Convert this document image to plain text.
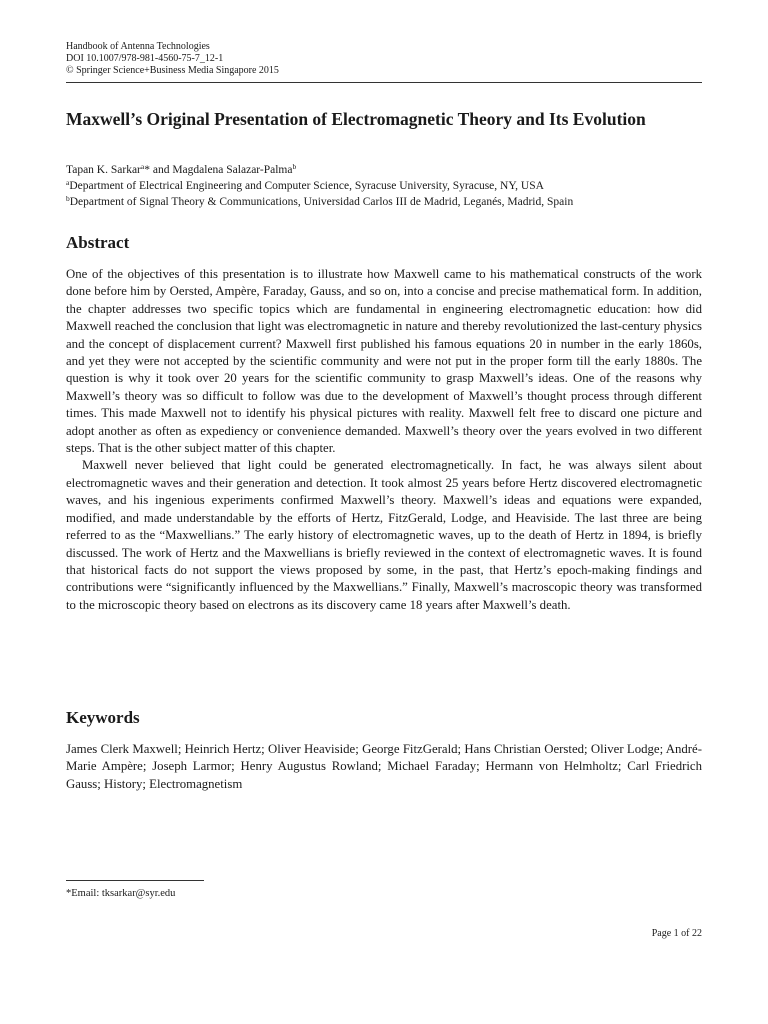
Handbook of Antenna Technologies
DOI 10.1007/978-981-4560-75-7_12-1
© Springer Science+Business Media Singapore 2015
Maxwell’s Original Presentation of Electromagnetic Theory and Its Evolution
Tapan K. Sarkar$^a$* and Magdalena Salazar-Palma$^b$
$^a$Department of Electrical Engineering and Computer Science, Syracuse University, Syracuse, NY, USA
$^b$Department of Signal Theory & Communications, Universidad Carlos III de Madrid, Leganés, Madrid, Spain
Abstract

One of the objectives of this presentation is to illustrate how Maxwell came to his mathematical constructs of the work done before him by Oersted, Ampère, Faraday, Gauss, and so on, into a concise and precise mathematical form. In addition, the chapter addresses two specific topics which are fundamental in engineering electromagnetic education: how did Maxwell reached the conclusion that light was electromagnetic in nature and thereby revolutionized the last-century physics and the concept of displacement current? Maxwell first published his famous equations 20 in number in the early 1860s, and yet they were not accepted by the scientific community and were not put in the proper form till the early 1880s. The question is why it took over 20 years for the scientific community to grasp Maxwell’s ideas. One of the reasons why Maxwell’s theory was so difficult to follow was due to the development of Maxwell’s thought process through different times. This made Maxwell not to identify his physical pictures with reality. Maxwell felt free to discard one picture and adopt another as often as expediency or convenience demanded. Maxwell’s theory over the years evolved in two different steps. That is the other subject matter of this chapter.

Maxwell never believed that light could be generated electromagnetically. In fact, he was always silent about electromagnetic waves and their generation and detection. It took almost 25 years before Hertz discovered electromagnetic waves, and his ingenious experiments confirmed Maxwell’s theory. Maxwell’s ideas and equations were expanded, modified, and made understandable by the efforts of Hertz, FitzGerald, Lodge, and Heaviside. The last three are being referred to as the “Maxwellians.” The early history of electromagnetic waves, up to the death of Hertz in 1894, is briefly discussed. The work of Hertz and the Maxwellians is briefly reviewed in the context of electromagnetic waves. It is found that historical facts do not support the views proposed by some, in the past, that Hertz’s epoch-making findings and contributions were “significantly influenced by the Maxwellians.” Finally, Maxwell’s macroscopic theory was transformed to the microscopic theory based on electrons as its discovery came 18 years after Maxwell’s death.

Keywords

James Clerk Maxwell; Heinrich Hertz; Oliver Heaviside; George FitzGerald; Hans Christian Oersted; Oliver Lodge; André-Marie Ampère; Joseph Larmor; Henry Augustus Rowland; Michael Faraday; Hermann von Helmholtz; Carl Friedrich Gauss; History; Electromagnetism

*Email: tksarkar@syr.edu
Page 1 of 22
